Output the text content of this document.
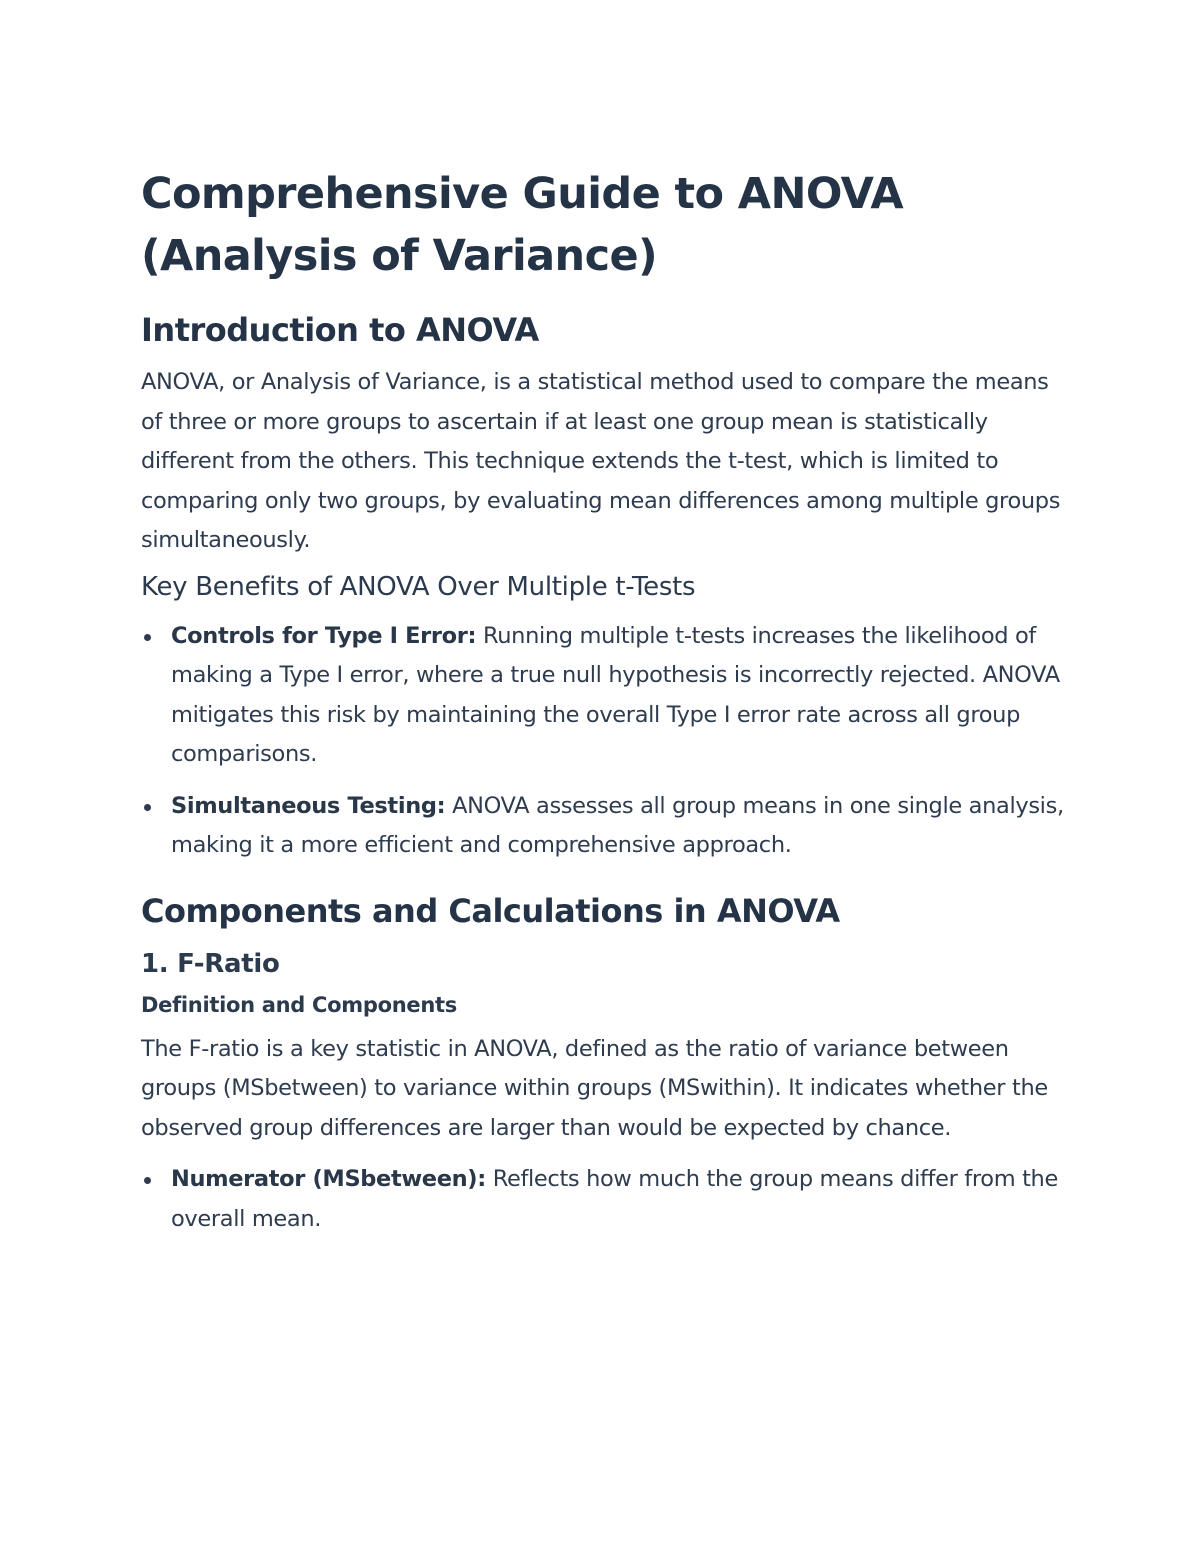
Comprehensive Guide to ANOVA (Analysis of Variance)
Introduction to ANOVA

ANOVA, or Analysis of Variance, is a statistical method used to compare the means of three or more groups to ascertain if at least one group mean is statistically different from the others. This technique extends the t-test, which is limited to comparing only two groups, by evaluating mean differences among multiple groups simultaneously.

Key Benefits of ANOVA Over Multiple t-Tests
Controls for Type I Error: Running multiple t-tests increases the likelihood of making a Type I error, where a true null hypothesis is incorrectly rejected. ANOVA mitigates this risk by maintaining the overall Type I error rate across all group comparisons.
Simultaneous Testing: ANOVA assesses all group means in one single analysis, making it a more efficient and comprehensive approach.
Components and Calculations in ANOVA
1. F-Ratio
Definition and Components

The F-ratio is a key statistic in ANOVA, defined as the ratio of variance between groups (MSbetween) to variance within groups (MSwithin). It indicates whether the observed group differences are larger than would be expected by chance.

Numerator (MSbetween): Reflects how much the group means differ from the overall mean.
